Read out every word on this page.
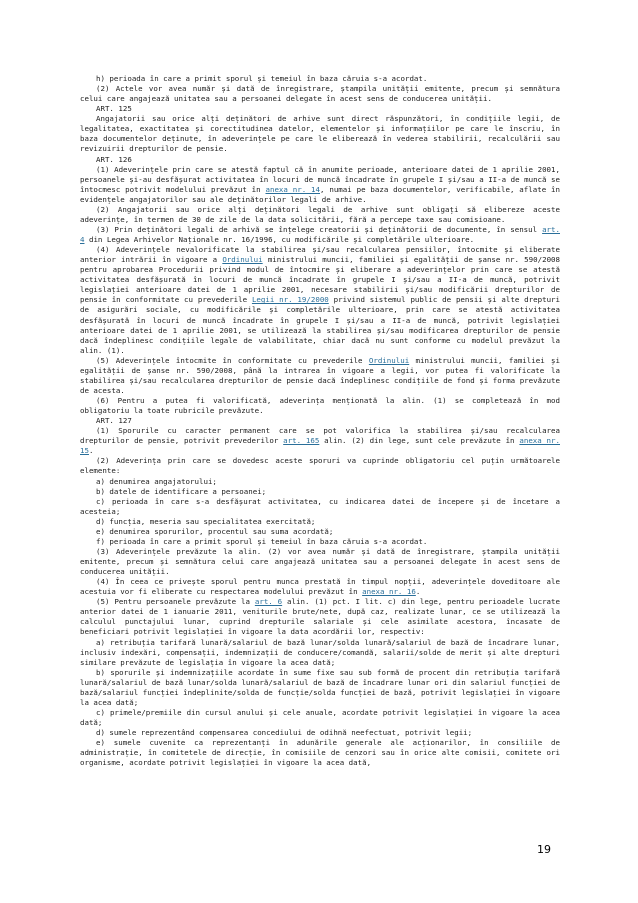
h) perioada în care a primit sporul și temeiul în baza căruia s-a acordat.

(2) Actele vor avea număr și dată de înregistrare, ștampila unității emitente, precum și semnătura celui care angajează unitatea sau a persoanei delegate în acest sens de conducerea unității.

ART. 125

Angajatorii sau orice alți deținători de arhive sunt direct răspunzători, în condițiile legii, de legalitatea, exactitatea și corectitudinea datelor, elementelor și informațiilor pe care le înscriu, în baza documentelor deținute, în adeverințele pe care le eliberează în vederea stabilirii, recalculării sau revizuirii drepturilor de pensie.

ART. 126

(1) Adeverințele prin care se atestă faptul că în anumite perioade, anterioare datei de 1 aprilie 2001, persoanele și-au desfășurat activitatea în locuri de muncă încadrate în grupele I și/sau a II-a de muncă se întocmesc potrivit modelului prevăzut în anexa nr. 14, numai pe baza documentelor, verificabile, aflate în evidențele angajatorilor sau ale deținătorilor legali de arhive.

(2) Angajatorii sau orice alți deținători legali de arhive sunt obligați să elibereze aceste adeverințe, în termen de 30 de zile de la data solicitării, fără a percepe taxe sau comisioane.

(3) Prin deținători legali de arhivă se înțelege creatorii și deținătorii de documente, în sensul art. 4 din Legea Arhivelor Naționale nr. 16/1996, cu modificările și completările ulterioare.

(4) Adeverințele nevalorificate la stabilirea și/sau recalcularea pensiilor, întocmite și eliberate anterior intrării în vigoare a Ordinului ministrului muncii, familiei și egalității de șanse nr. 590/2008 pentru aprobarea Procedurii privind modul de întocmire și eliberare a adeverințelor prin care se atestă activitatea desfășurată în locuri de muncă încadrate în grupele I și/sau a II-a de muncă, potrivit legislației anterioare datei de 1 aprilie 2001, necesare stabilirii și/sau modificării drepturilor de pensie în conformitate cu prevederile Legii nr. 19/2000 privind sistemul public de pensii și alte drepturi de asigurări sociale, cu modificările și completările ulterioare, prin care se atestă activitatea desfășurată în locuri de muncă încadrate în grupele I și/sau a II-a de muncă, potrivit legislației anterioare datei de 1 aprilie 2001, se utilizează la stabilirea și/sau modificarea drepturilor de pensie dacă îndeplinesc condițiile legale de valabilitate, chiar dacă nu sunt conforme cu modelul prevăzut la alin. (1).

(5) Adeverințele întocmite în conformitate cu prevederile Ordinului ministrului muncii, familiei și egalității de șanse nr. 590/2008, până la intrarea în vigoare a legii, vor putea fi valorificate la stabilirea și/sau recalcularea drepturilor de pensie dacă îndeplinesc condițiile de fond și forma prevăzute de acesta.

(6) Pentru a putea fi valorificată, adeverința menționată la alin. (1) se completează în mod obligatoriu la toate rubricile prevăzute.

ART. 127

(1) Sporurile cu caracter permanent care se pot valorifica la stabilirea și/sau recalcularea drepturilor de pensie, potrivit prevederilor art. 165 alin. (2) din lege, sunt cele prevăzute în anexa nr. 15.

(2) Adeverința prin care se dovedesc aceste sporuri va cuprinde obligatoriu cel puțin următoarele elemente:

a) denumirea angajatorului;

b) datele de identificare a persoanei;

c) perioada în care s-a desfășurat activitatea, cu indicarea datei de începere și de încetare a acesteia;

d) funcția, meseria sau specialitatea exercitată;

e) denumirea sporurilor, procentul sau suma acordată;

f) perioada în care a primit sporul și temeiul în baza căruia s-a acordat.

(3) Adeverințele prevăzute la alin. (2) vor avea număr și dată de înregistrare, ștampila unității emitente, precum și semnătura celui care angajează unitatea sau a persoanei delegate în acest sens de conducerea unității.

(4) În ceea ce privește sporul pentru munca prestată în timpul nopții, adeverințele doveditoare ale acestuia vor fi eliberate cu respectarea modelului prevăzut în anexa nr. 16.

(5) Pentru persoanele prevăzute la art. 6 alin. (1) pct. I lit. c) din lege, pentru perioadele lucrate anterior datei de 1 ianuarie 2011, veniturile brute/nete, după caz, realizate lunar, ce se utilizează la calculul punctajului lunar, cuprind drepturile salariale și cele asimilate acestora, încasate de beneficiari potrivit legislației în vigoare la data acordării lor, respectiv:

a) retribuția tarifară lunară/salariul de bază lunar/solda lunară/salariul de bază de încadrare lunar, inclusiv indexări, compensații, indemnizații de conducere/comandă, salarii/solde de merit și alte drepturi similare prevăzute de legislația în vigoare la acea dată;

b) sporurile și indemnizațiile acordate în sume fixe sau sub formă de procent din retribuția tarifară lunară/salariul de bază lunar/solda lunară/salariul de bază de încadrare lunar ori din salariul funcției de bază/salariul funcției îndeplinite/solda de funcție/solda funcției de bază, potrivit legislației în vigoare la acea dată;

c) primele/premiile din cursul anului și cele anuale, acordate potrivit legislației în vigoare la acea dată;

d) sumele reprezentând compensarea concediului de odihnă neefectuat, potrivit legii;

e) sumele cuvenite ca reprezentanți în adunările generale ale acționarilor, în consiliile de administrație, în comitetele de direcție, în comisiile de cenzori sau în orice alte comisii, comitete ori organisme, acordate potrivit legislației în vigoare la acea dată,

19
